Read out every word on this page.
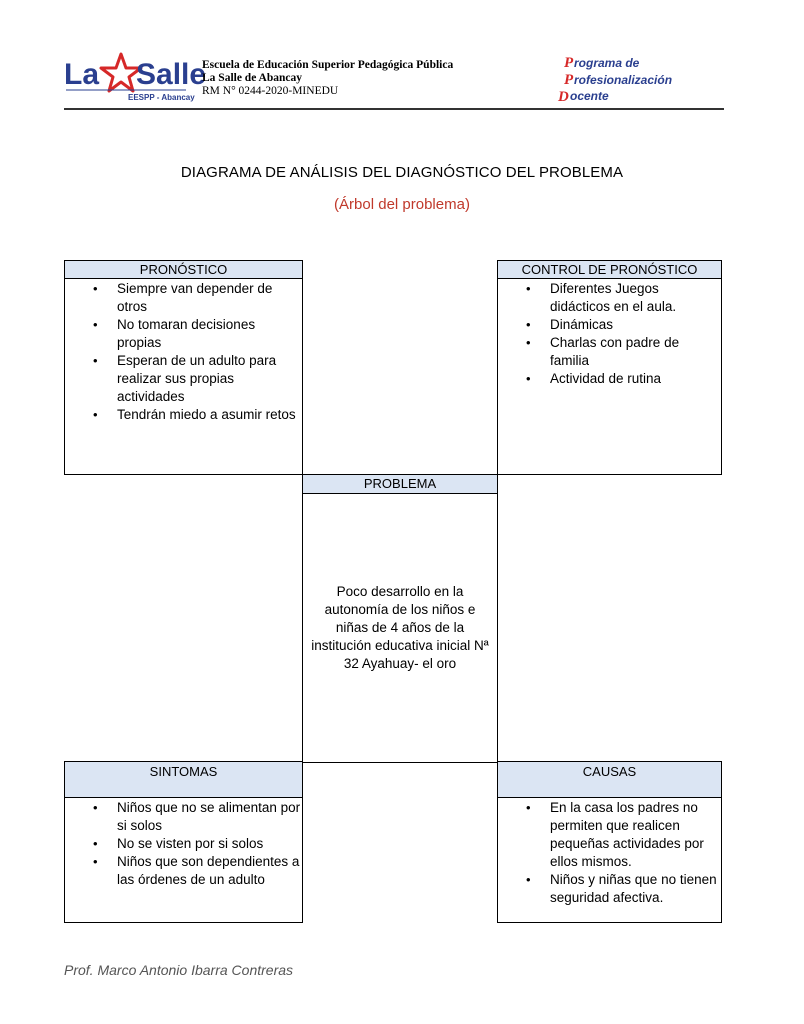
La Salle
EESPP - Abancay
Escuela de Educación Superior Pedagógica Pública
La Salle de Abancay
RM N° 0244-2020-MINEDU
P rograma de
P rofesionalización
D ocente
DIAGRAMA DE ANÁLISIS DEL DIAGNÓSTICO DEL PROBLEMA
(Árbol del problema)
PRONÓSTICO
• Siempre van depender de otros
• No tomaran decisiones propias
• Esperan de un adulto para realizar sus propias actividades
• Tendrán miedo a asumir retos
CONTROL DE PRONÓSTICO
• Diferentes Juegos didácticos en el aula.
• Dinámicas
• Charlas con padre de familia
• Actividad de rutina
PROBLEMA
Poco desarrollo en la autonomía de los niños e niñas de 4 años de la institución educativa inicial Nª 32 Ayahuay- el oro
SINTOMAS
• Niños que no se alimentan por si solos
• No se visten por si solos
• Niños que son dependientes a las órdenes de un adulto
CAUSAS
• En la casa los padres no permiten que realicen pequeñas actividades por ellos mismos.
• Niños y niñas que no tienen seguridad afectiva.
Prof. Marco Antonio Ibarra Contreras
